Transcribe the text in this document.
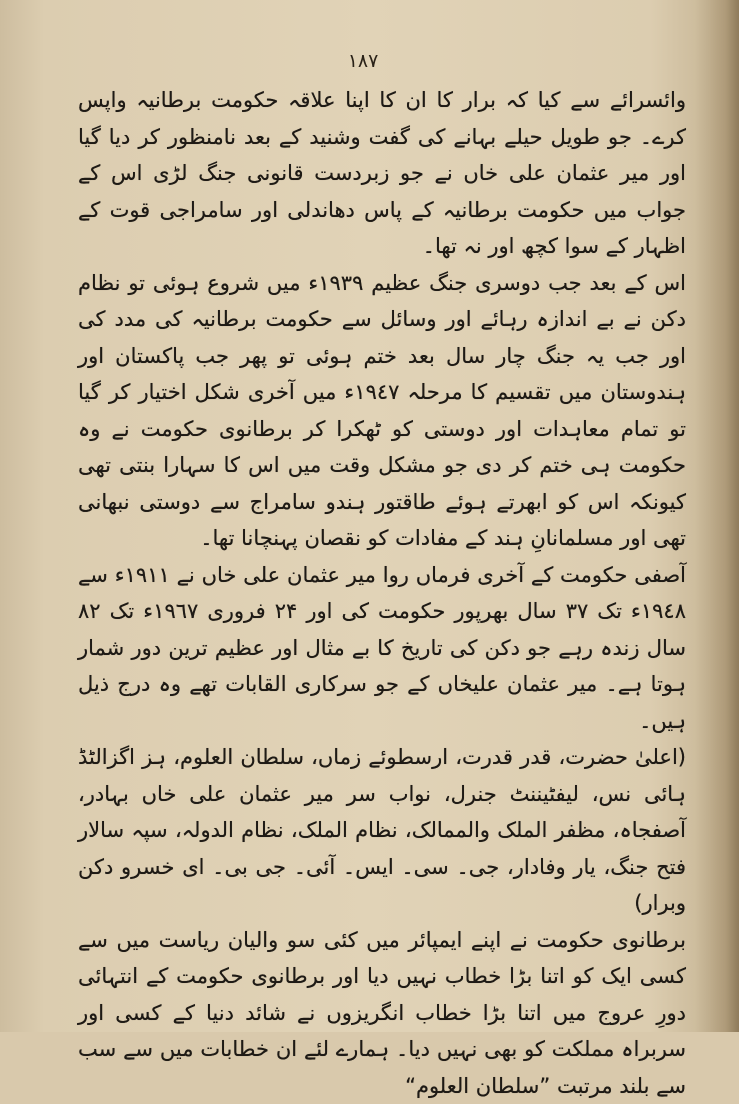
١٨٧

وائسرائے سے کیا کہ برار کا ان کا اپنا علاقہ حکومت برطانیہ واپس کرے۔ جو طویل حیلے بہانے کی گفت وشنید کے بعد نامنظور کر دیا گیا اور میر عثمان علی خاں نے جو زبردست قانونی جنگ لڑی اس کے جواب میں حکومت برطانیہ کے پاس دھاندلی اور سامراجی قوت کے اظہار کے سوا کچھ اور نہ تھا۔

اس کے بعد جب دوسری جنگ عظیم ١٩٣٩ء میں شروع ہوئی تو نظام دکن نے بے اندازہ رہائے اور وسائل سے حکومت برطانیہ کی مدد کی اور جب یہ جنگ چار سال بعد ختم ہوئی تو پھر جب پاکستان اور ہندوستان میں تقسیم کا مرحلہ ١٩٤٧ء میں آخری شکل اختیار کر گیا تو تمام معاہدات اور دوستی کو ٹھکرا کر برطانوی حکومت نے وہ حکومت ہی ختم کر دی جو مشکل وقت میں اس کا سہارا بنتی تھی کیونکہ اس کو ابھرتے ہوئے طاقتور ہندو سامراج سے دوستی نبھانی تھی اور مسلمانانِ ہند کے مفادات کو نقصان پہنچانا تھا۔

آصفی حکومت کے آخری فرماں روا میر عثمان علی خاں نے ١٩١١ء سے ١٩٤٨ء تک ۳۷ سال بھرپور حکومت کی اور ۲۴ فروری ١٩٦٧ء تک ۸۲ سال زندہ رہے جو دکن کی تاریخ کا بے مثال اور عظیم ترین دور شمار ہوتا ہے۔ میر عثمان علیخاں کے جو سرکاری القابات تھے وہ درج ذیل ہیں۔

(اعلیٰ حضرت، قدر قدرت، ارسطوئے زماں، سلطان العلوم، ہز اگزالٹڈ ہائی نس، لیفٹیننٹ جنرل، نواب سر میر عثمان علی خاں بہادر، آصفجاہ، مظفر الملک والممالک، نظام الملک، نظام الدولہ، سپہ سالار فتح جنگ، یار وفادار، جی۔ سی۔ ایس۔ آئی۔ جی بی۔ ای خسرو دکن وبرار)

برطانوی حکومت نے اپنے ایمپائر میں کئی سو والیان ریاست میں سے کسی ایک کو اتنا بڑا خطاب نہیں دیا اور برطانوی حکومت کے انتہائی دورِ عروج میں اتنا بڑا خطاب انگریزوں نے شائد دنیا کے کسی اور سربراہ مملکت کو بھی نہیں دیا۔ ہمارے لئے ان خطابات میں سے سب سے بلند مرتبت ”سلطان العلوم“
